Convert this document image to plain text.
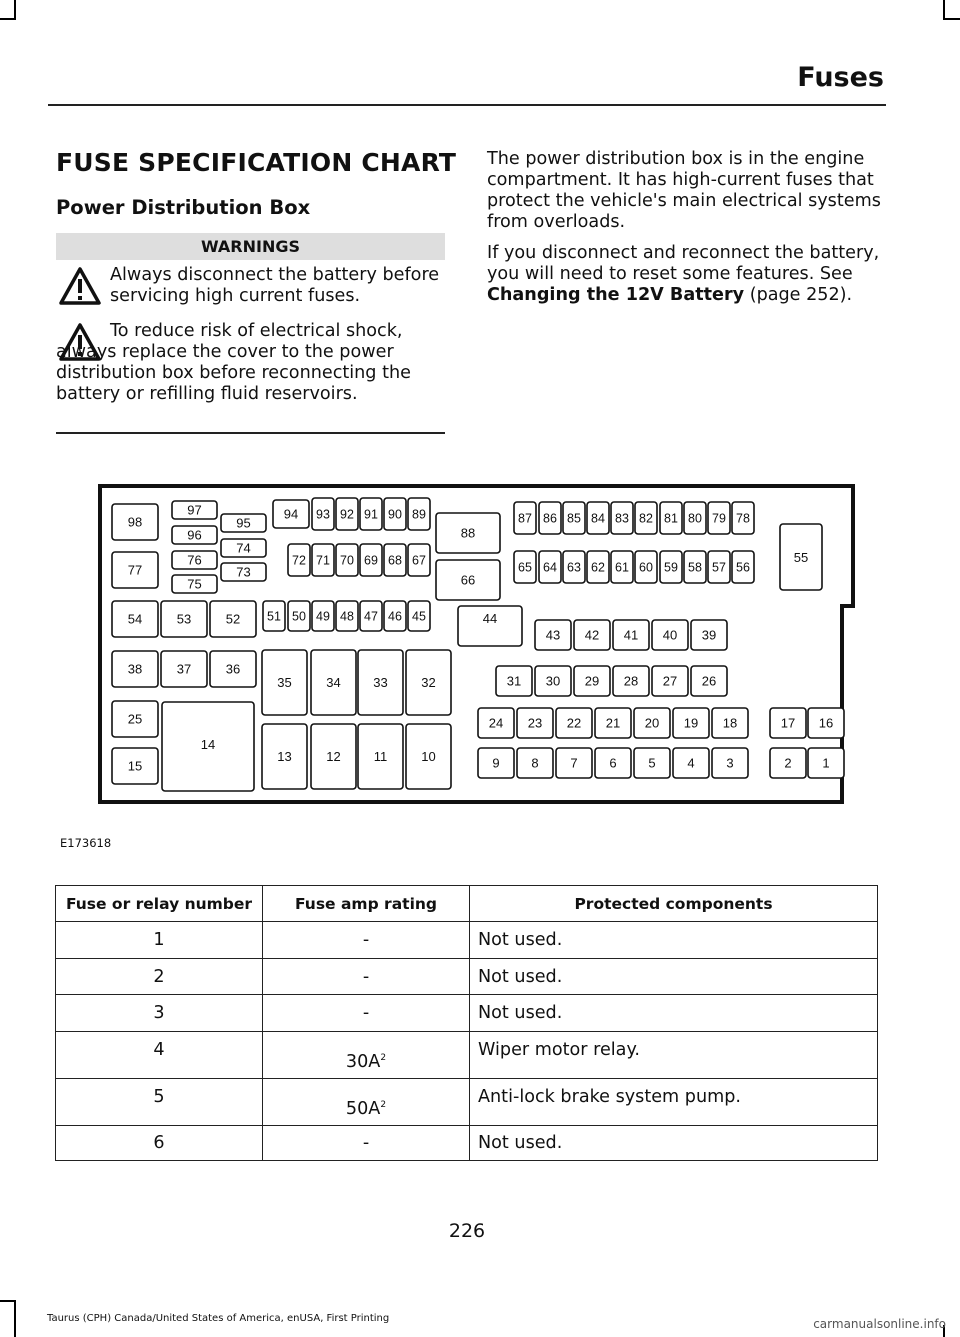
Fuses
FUSE SPECIFICATION CHART
Power Distribution Box
WARNINGS
Always disconnect the battery before servicing high current fuses.
To reduce risk of electrical shock, always replace the cover to the power distribution box before reconnecting the battery or refilling fluid reservoirs.
The power distribution box is in the engine compartment. It has high-current fuses that protect the vehicle's main electrical systems from overloads.
If you disconnect and reconnect the battery, you will need to reset some features. See Changing the 12V Battery (page 252).
1
2
3
4
5
6
7
8
9
10
11
12
13
14
15
16
17
18
19
20
21
22
23
24
25
26
27
28
29
30
31
32
33
34
35
36
37
38
39
40
41
42
43
44
45
46
47
48
49
50
51
52
53
54
55
56
57
58
59
60
61
62
63
64
65
66
67
68
69
70
71
72
73
74
75
76
77
78
79
80
81
82
83
84
85
86
87
88
89
90
91
92
93
94
95
96
97
98
E173618
Fuse or relay number	Fuse amp rating	Protected components
1	-	Not used.
2	-	Not used.
3	-	Not used.
4	$30A^2$	Wiper motor relay.
5	$50A^2$	Anti-lock brake system pump.
6	-	Not used.
226
Taurus (CPH) Canada/United States of America, enUSA, First Printing	carmanualsonline.info
